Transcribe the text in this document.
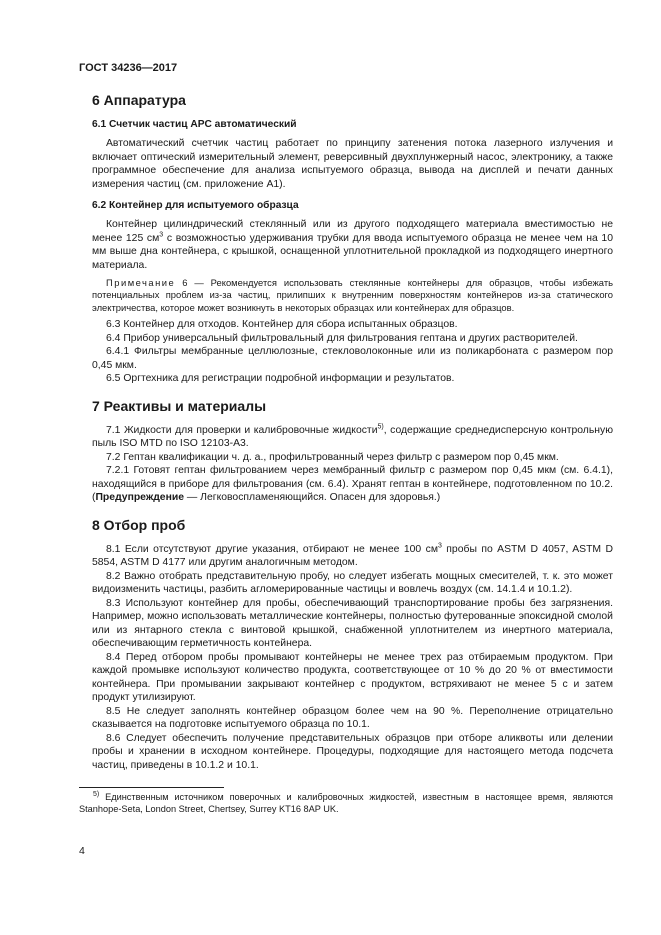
ГОСТ 34236—2017
6 Аппаратура
6.1 Счетчик частиц APC автоматический

Автоматический счетчик частиц работает по принципу затенения потока лазерного излучения и включает оптический измерительный элемент, реверсивный двухплунжерный насос, электронику, а также программное обеспечение для анализа испытуемого образца, вывода на дисплей и печати данных измерения частиц (см. приложение А1).

6.2 Контейнер для испытуемого образца

Контейнер цилиндрический стеклянный или из другого подходящего материала вместимостью не менее 125 $см^3$ с возможностью удерживания трубки для ввода испытуемого образца не менее чем на 10 мм выше дна контейнера, с крышкой, оснащенной уплотнительной прокладкой из подходящего инертного материала.

Примечание 6 — Рекомендуется использовать стеклянные контейнеры для образцов, чтобы избежать потенциальных проблем из-за частиц, прилипших к внутренним поверхностям контейнеров из-за статического электричества, которое может возникнуть в некоторых образцах или контейнерах для образцов.

6.3 Контейнер для отходов. Контейнер для сбора испытанных образцов.

6.4 Прибор универсальный фильтровальный для фильтрования гептана и других растворителей.

6.4.1 Фильтры мембранные целлюлозные, стекловолоконные или из поликарбоната с размером пор 0,45 мкм.

6.5 Оргтехника для регистрации подробной информации и результатов.

7 Реактивы и материалы

7.1 Жидкости для проверки и калибровочные жидкости$^{5)}$, содержащие среднедисперсную контрольную пыль ISO MTD по ISO 12103-A3.

7.2 Гептан квалификации ч. д. а., профильтрованный через фильтр с размером пор 0,45 мкм.

7.2.1 Готовят гептан фильтрованием через мембранный фильтр с размером пор 0,45 мкм (см. 6.4.1), находящийся в приборе для фильтрования (см. 6.4). Хранят гептан в контейнере, подготовленном по 10.2. (Предупреждение — Легковоспламеняющийся. Опасен для здоровья.)

8 Отбор проб

8.1 Если отсутствуют другие указания, отбирают не менее 100 $см^3$ пробы по ASTM D 4057, ASTM D 5854, ASTM D 4177 или другим аналогичным методом.

8.2 Важно отобрать представительную пробу, но следует избегать мощных смесителей, т. к. это может видоизменить частицы, разбить агломерированные частицы и вовлечь воздух (см. 14.1.4 и 10.1.2).

8.3 Используют контейнер для пробы, обеспечивающий транспортирование пробы без загрязнения. Например, можно использовать металлические контейнеры, полностью футерованные эпоксидной смолой или из янтарного стекла с винтовой крышкой, снабженной уплотнителем из инертного материала, обеспечивающим герметичность контейнера.

8.4 Перед отбором пробы промывают контейнеры не менее трех раз отбираемым продуктом. При каждой промывке используют количество продукта, соответствующее от 10 % до 20 % от вместимости контейнера. При промывании закрывают контейнер с продуктом, встряхивают не менее 5 с и затем продукт утилизируют.

8.5 Не следует заполнять контейнер образцом более чем на 90 %. Переполнение отрицательно сказывается на подготовке испытуемого образца по 10.1.

8.6 Следует обеспечить получение представительных образцов при отборе аликвоты или делении пробы и хранении в исходном контейнере. Процедуры, подходящие для настоящего метода подсчета частиц, приведены в 10.1.2 и 10.1.

$^{5)}$ Единственным источником поверочных и калибровочных жидкостей, известным в настоящее время, являются Stanhope-Seta, London Street, Chertsey, Surrey KT16 8AP UK.

4
